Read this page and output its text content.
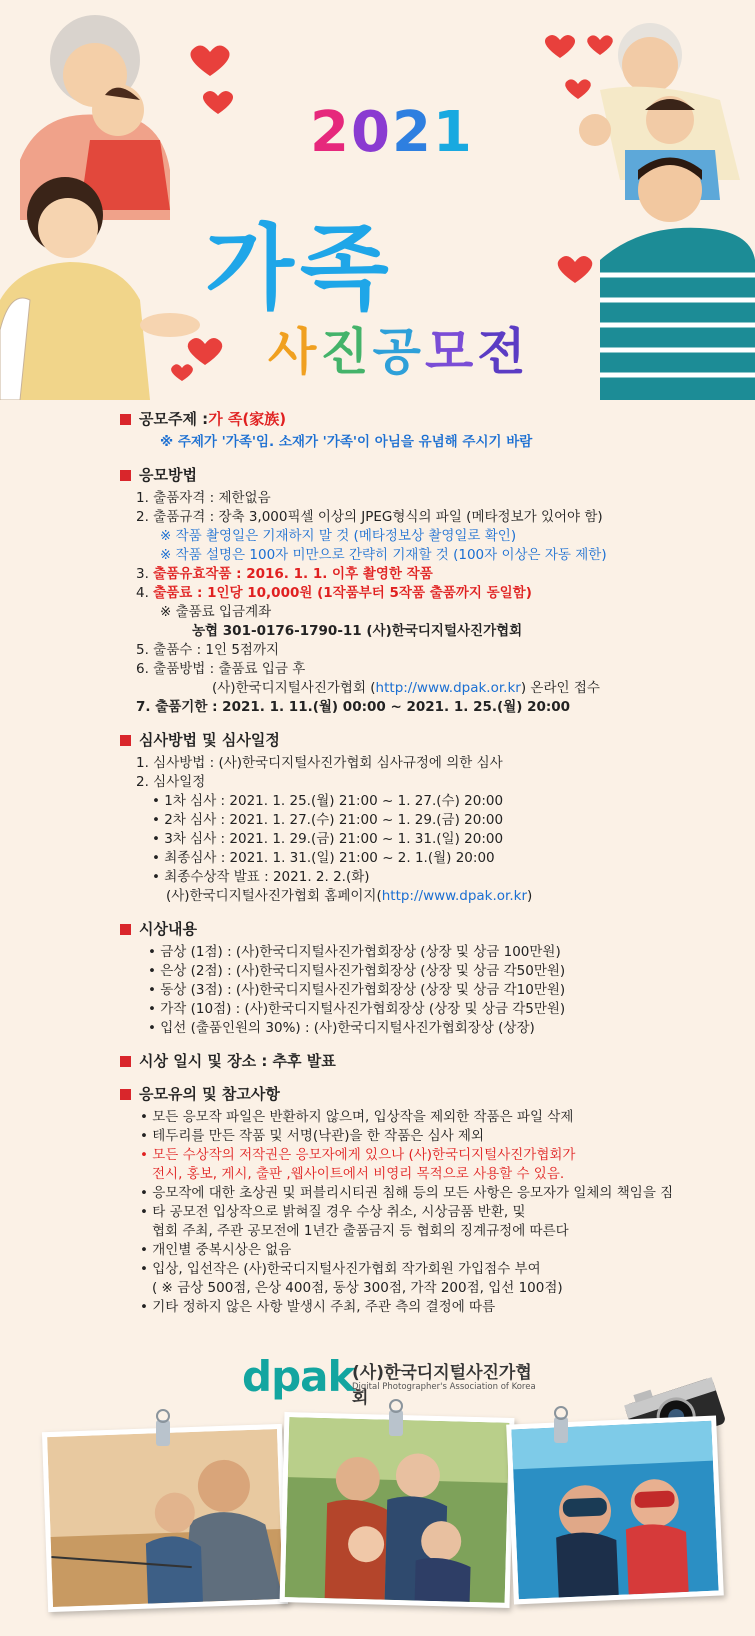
2021
가족
사진공모전
공모주제 : 가 족(家族)
※ 주제가 '가족'임. 소재가 '가족'이 아님을 유념해 주시기 바람
응모방법
1. 출품자격 : 제한없음
2. 출품규격 : 장축 3,000픽셀 이상의 JPEG형식의 파일 (메타정보가 있어야 함)
※ 작품 촬영일은 기재하지 말 것 (메타정보상 촬영일로 확인)
※ 작품 설명은 100자 미만으로 간략히 기재할 것 (100자 이상은 자동 제한)
3. 출품유효작품 : 2016. 1. 1. 이후 촬영한 작품
4. 출품료 : 1인당 10,000원 (1작품부터 5작품 출품까지 동일함)
※ 출품료 입금계좌
농협 301-0176-1790-11 (사)한국디지털사진가협회
5. 출품수 : 1인 5점까지
6. 출품방법 : 출품료 입금 후
(사)한국디지털사진가협회 (http://www.dpak.or.kr) 온라인 접수
7. 출품기한 : 2021. 1. 11.(월) 00:00 ~ 2021. 1. 25.(월) 20:00
심사방법 및 심사일정
1. 심사방법 : (사)한국디지털사진가협회 심사규정에 의한 심사
2. 심사일정
• 1차 심사 : 2021. 1. 25.(월) 21:00 ~ 1. 27.(수) 20:00
• 2차 심사 : 2021. 1. 27.(수) 21:00 ~ 1. 29.(금) 20:00
• 3차 심사 : 2021. 1. 29.(금) 21:00 ~ 1. 31.(일) 20:00
• 최종심사 : 2021. 1. 31.(일) 21:00 ~ 2. 1.(월) 20:00
• 최종수상작 발표 : 2021. 2. 2.(화)
(사)한국디지털사진가협회 홈페이지(http://www.dpak.or.kr)
시상내용
• 금상 (1점) : (사)한국디지털사진가협회장상 (상장 및 상금 100만원)
• 은상 (2점) : (사)한국디지털사진가협회장상 (상장 및 상금 각50만원)
• 동상 (3점) : (사)한국디지털사진가협회장상 (상장 및 상금 각10만원)
• 가작 (10점) : (사)한국디지털사진가협회장상 (상장 및 상금 각5만원)
• 입선 (출품인원의 30%) : (사)한국디지털사진가협회장상 (상장)
시상 일시 및 장소 : 추후 발표
응모유의 및 참고사항
• 모든 응모작 파일은 반환하지 않으며, 입상작을 제외한 작품은 파일 삭제
• 테두리를 만든 작품 및 서명(낙관)을 한 작품은 심사 제외
• 모든 수상작의 저작권은 응모자에게 있으나 (사)한국디지털사진가협회가
전시, 홍보, 게시, 출판 ,웹사이트에서 비영리 목적으로 사용할 수 있음.
• 응모작에 대한 초상권 및 퍼블리시티권 침해 등의 모든 사항은 응모자가 일체의 책임을 짐
• 타 공모전 입상작으로 밝혀질 경우 수상 취소, 시상금품 반환, 및
협회 주최, 주관 공모전에 1년간 출품금지 등 협회의 징계규정에 따른다
• 개인별 중복시상은 없음
• 입상, 입선작은 (사)한국디지털사진가협회 작가회원 가입점수 부여
( ※ 금상 500점, 은상 400점, 동상 300점, 가작 200점, 입선 100점)
• 기타 정하지 않은 사항 발생시 주최, 주관 측의 결정에 따름
dpak
(사)한국디지털사진가협회
Digital Photographer's Association of Korea
